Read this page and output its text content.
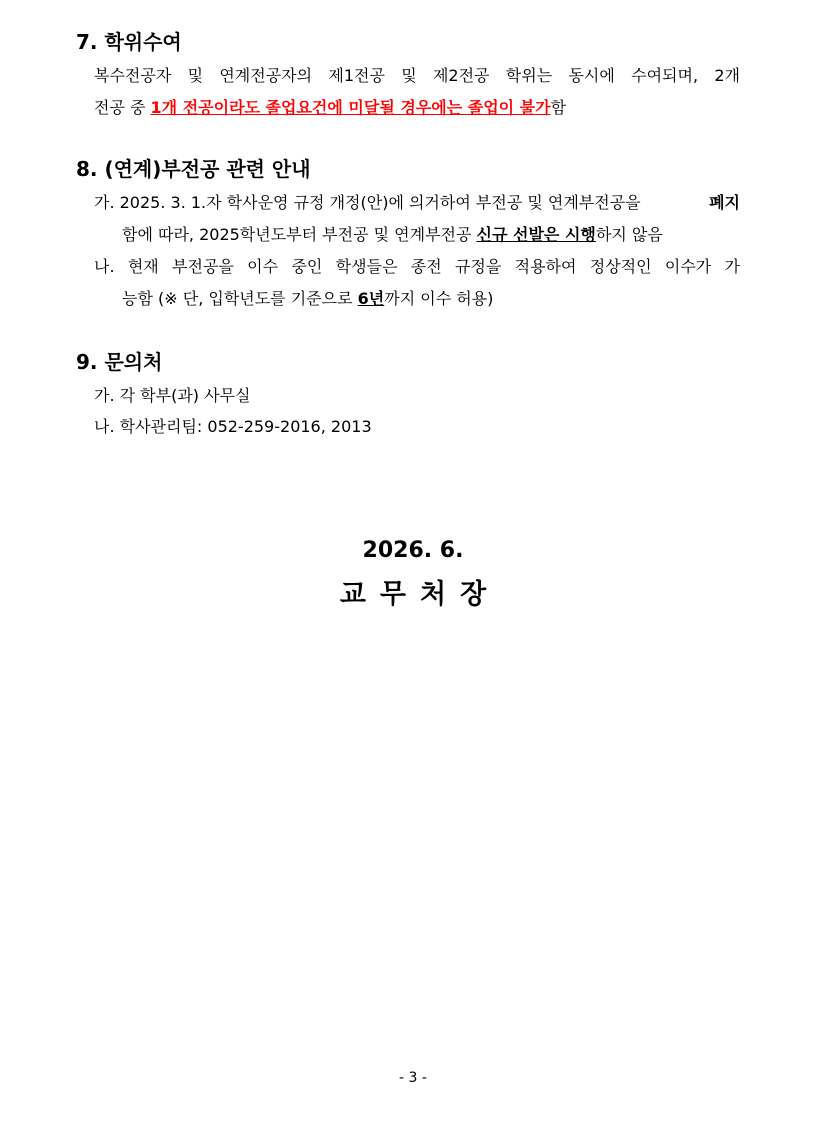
7. 학위수여
복수전공자 및 연계전공자의 제1전공 및 제2전공 학위는 동시에 수여되며, 2개
전공 중 1개 전공이라도 졸업요건에 미달될 경우에는 졸업이 불가함
8. (연계)부전공 관련 안내
가. 2025. 3. 1.자 학사운영 규정 개정(안)에 의거하여 부전공 및 연계부전공을	폐지
함에 따라, 2025학년도부터 부전공 및 연계부전공 신규 선발은 시행하지 않음
나. 현재 부전공을 이수 중인 학생들은 종전 규정을 적용하여 정상적인 이수가 가
능함 (※ 단, 입학년도를 기준으로 6년까지 이수 허용)
9. 문의처
가. 각 학부(과) 사무실
나. 학사관리팀: 052-259-2016, 2013
2026. 6.
교무처장
- 3 -
